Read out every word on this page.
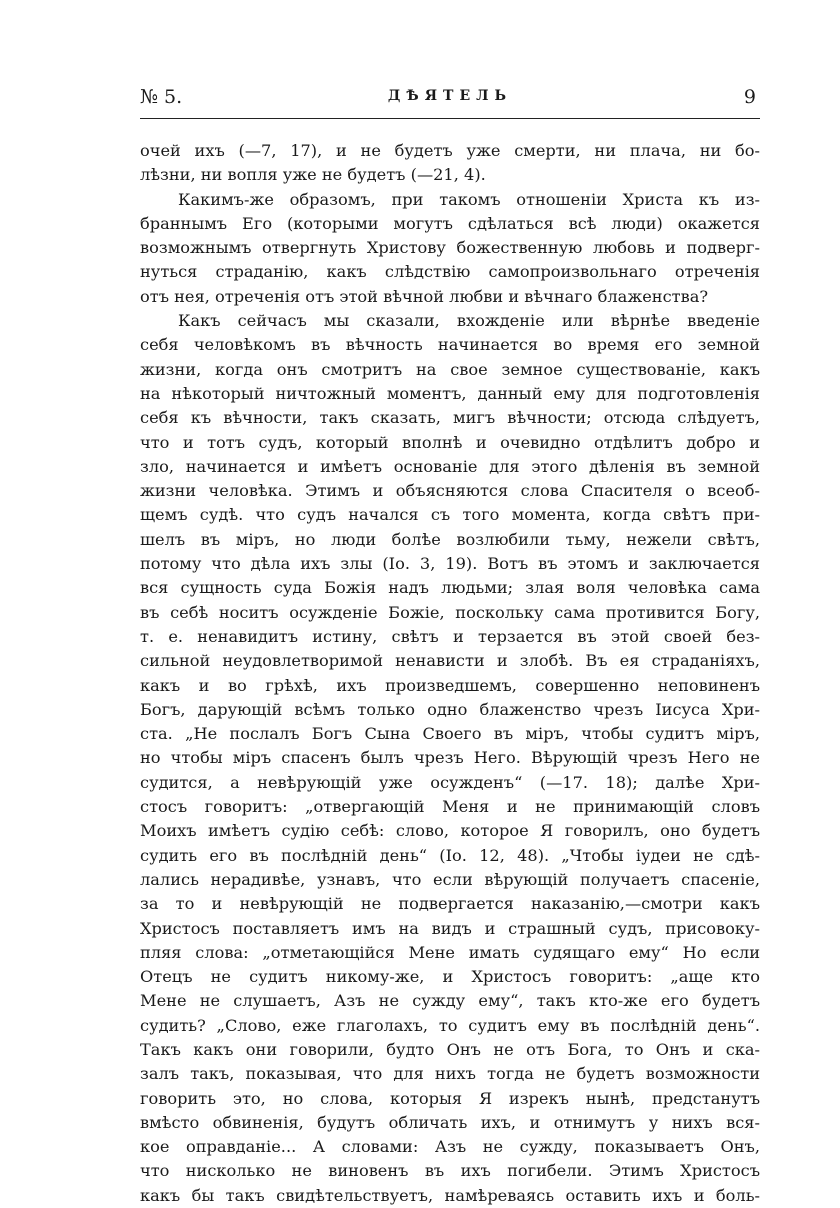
№ 5.	ДѢЯТЕЛЬ	9

очей ихъ (—7, 17), и не будетъ уже смерти, ни плача, ни бо-
лѣзни, ни вопля уже не будетъ (—21, 4).

Какимъ-же образомъ, при такомъ отношеніи Христа къ из-
браннымъ Его (которыми могутъ сдѣлаться всѣ люди) окажется
возможнымъ отвергнуть Христову божественную любовь и подверг-
нуться страданію, какъ слѣдствію самопроизвольнаго отреченія
отъ нея, отреченія отъ этой вѣчной любви и вѣчнаго блаженства?

Какъ сейчасъ мы сказали, вхожденіе или вѣрнѣе введеніе
себя человѣкомъ въ вѣчность начинается во время его земной
жизни, когда онъ смотритъ на свое земное существованіе, какъ
на нѣкоторый ничтожный моментъ, данный ему для подготовленія
себя къ вѣчности, такъ сказать, мигъ вѣчности; отсюда слѣдуетъ,
что и тотъ судъ, который вполнѣ и очевидно отдѣлитъ добро и
зло, начинается и имѣетъ основаніе для этого дѣленія въ земной
жизни человѣка. Этимъ и объясняются слова Спасителя о всеоб-
щемъ судѣ. что судъ начался съ того момента, когда свѣтъ при-
шелъ въ міръ, но люди болѣе возлюбили тьму, нежели свѣтъ,
потому что дѣла ихъ злы (Іо. 3, 19). Вотъ въ этомъ и заключается
вся сущность суда Божія надъ людьми; злая воля человѣка сама
въ себѣ носитъ осужденіе Божіе, поскольку сама противится Богу,
т. е. ненавидитъ истину, свѣтъ и терзается въ этой своей без-
сильной неудовлетворимой ненависти и злобѣ. Въ ея страданіяхъ,
какъ и во грѣхѣ, ихъ произведшемъ, совершенно неповиненъ
Богъ, дарующій всѣмъ только одно блаженство чрезъ Іисуса Хри-
ста. „Не послалъ Богъ Сына Своего въ міръ, чтобы судитъ міръ,
но чтобы міръ спасенъ былъ чрезъ Него. Вѣрующій чрезъ Него не
судится, а невѣрующій уже осужденъ“ (—17. 18); далѣе Хри-
стосъ говоритъ: „отвергающій Меня и не принимающій словъ
Моихъ имѣетъ судію себѣ: слово, которое Я говорилъ, оно будетъ
судить его въ послѣдній день“ (Іо. 12, 48). „Чтобы іудеи не сдѣ-
лались нерадивѣе, узнавъ, что если вѣрующій получаетъ спасеніе,
за то и невѣрующій не подвергается наказанію,—смотри какъ
Христосъ поставляетъ имъ на видъ и страшный судъ, присовоку-
пляя слова: „отметающійся Мене имать судящаго ему“ Но если
Отецъ не судитъ никому-же, и Христосъ говоритъ: „аще кто
Мене не слушаетъ, Азъ не сужду ему“, такъ кто-же его будетъ
судить? „Слово, еже глаголахъ, то судитъ ему въ послѣдній день“.
Такъ какъ они говорили, будто Онъ не отъ Бога, то Онъ и ска-
залъ такъ, показывая, что для нихъ тогда не будетъ возможности
говорить это, но слова, которыя Я изрекъ нынѣ, предстанутъ
вмѣсто обвиненія, будутъ обличать ихъ, и отнимутъ у нихъ вся-
кое оправданіе... А словами: Азъ не сужду, показываетъ Онъ,
что нисколько не виновенъ въ ихъ погибели. Этимъ Христосъ
какъ бы такъ свидѣтельствуетъ, намѣреваясь оставить ихъ и боль-
